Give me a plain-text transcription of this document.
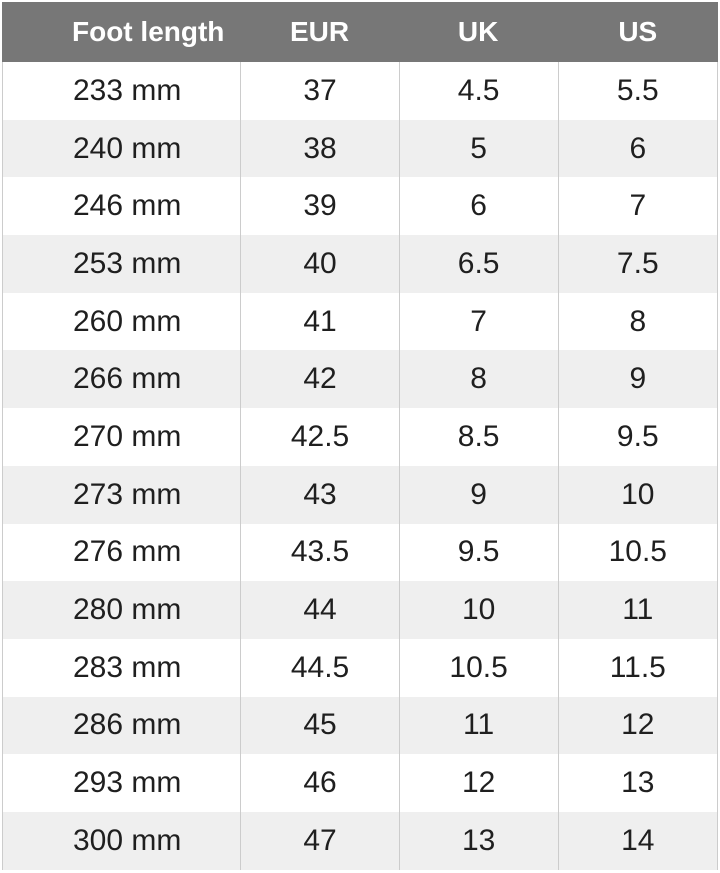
Foot length	EUR	UK	US
233 mm	37	4.5	5.5
240 mm	38	5	6
246 mm	39	6	7
253 mm	40	6.5	7.5
260 mm	41	7	8
266 mm	42	8	9
270 mm	42.5	8.5	9.5
273 mm	43	9	10
276 mm	43.5	9.5	10.5
280 mm	44	10	11
283 mm	44.5	10.5	11.5
286 mm	45	11	12
293 mm	46	12	13
300 mm	47	13	14
